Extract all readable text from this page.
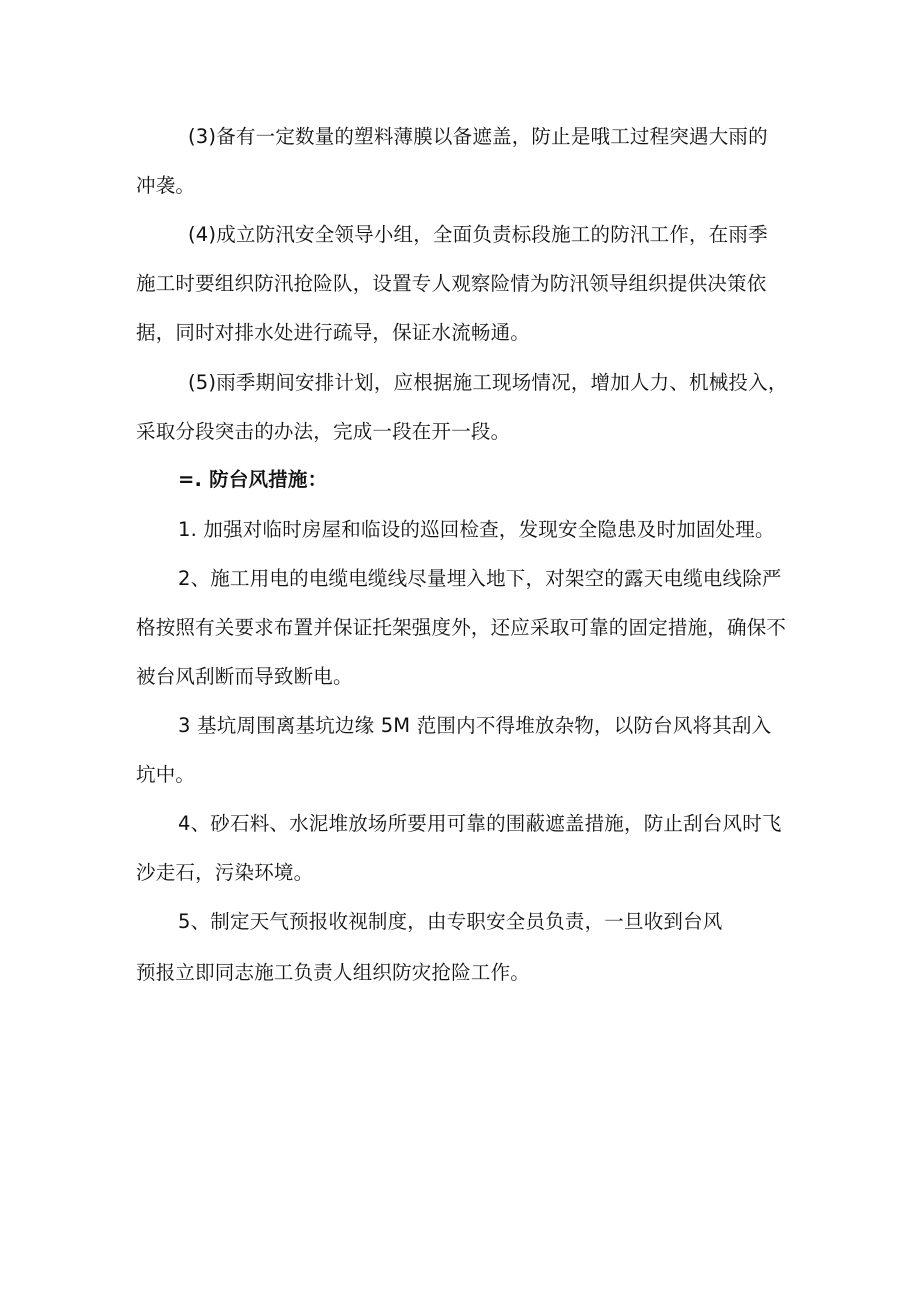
(3)备有一定数量的塑料薄膜以备遮盖，防止是哦工过程突遇大雨的
冲袭。
(4)成立防汛安全领导小组，全面负责标段施工的防汛工作，在雨季
施工时要组织防汛抢险队，设置专人观察险情为防汛领导组织提供决策依
据，同时对排水处进行疏导，保证水流畅通。
(5)雨季期间安排计划，应根据施工现场情况，增加人力、机械投入，
采取分段突击的办法，完成一段在开一段。
=. 防台风措施：
1. 加强对临时房屋和临设的巡回检查，发现安全隐患及时加固处理。
2、施工用电的电缆电缆线尽量埋入地下，对架空的露天电缆电线除严
格按照有关要求布置并保证托架强度外，还应采取可靠的固定措施，确保不
被台风刮断而导致断电。
3 基坑周围离基坑边缘 5M 范围内不得堆放杂物，以防台风将其刮入
坑中。
4、砂石料、水泥堆放场所要用可靠的围蔽遮盖措施，防止刮台风时飞
沙走石，污染环境。
5、制定天气预报收视制度，由专职安全员负责，一旦收到台风
预报立即同志施工负责人组织防灾抢险工作。
